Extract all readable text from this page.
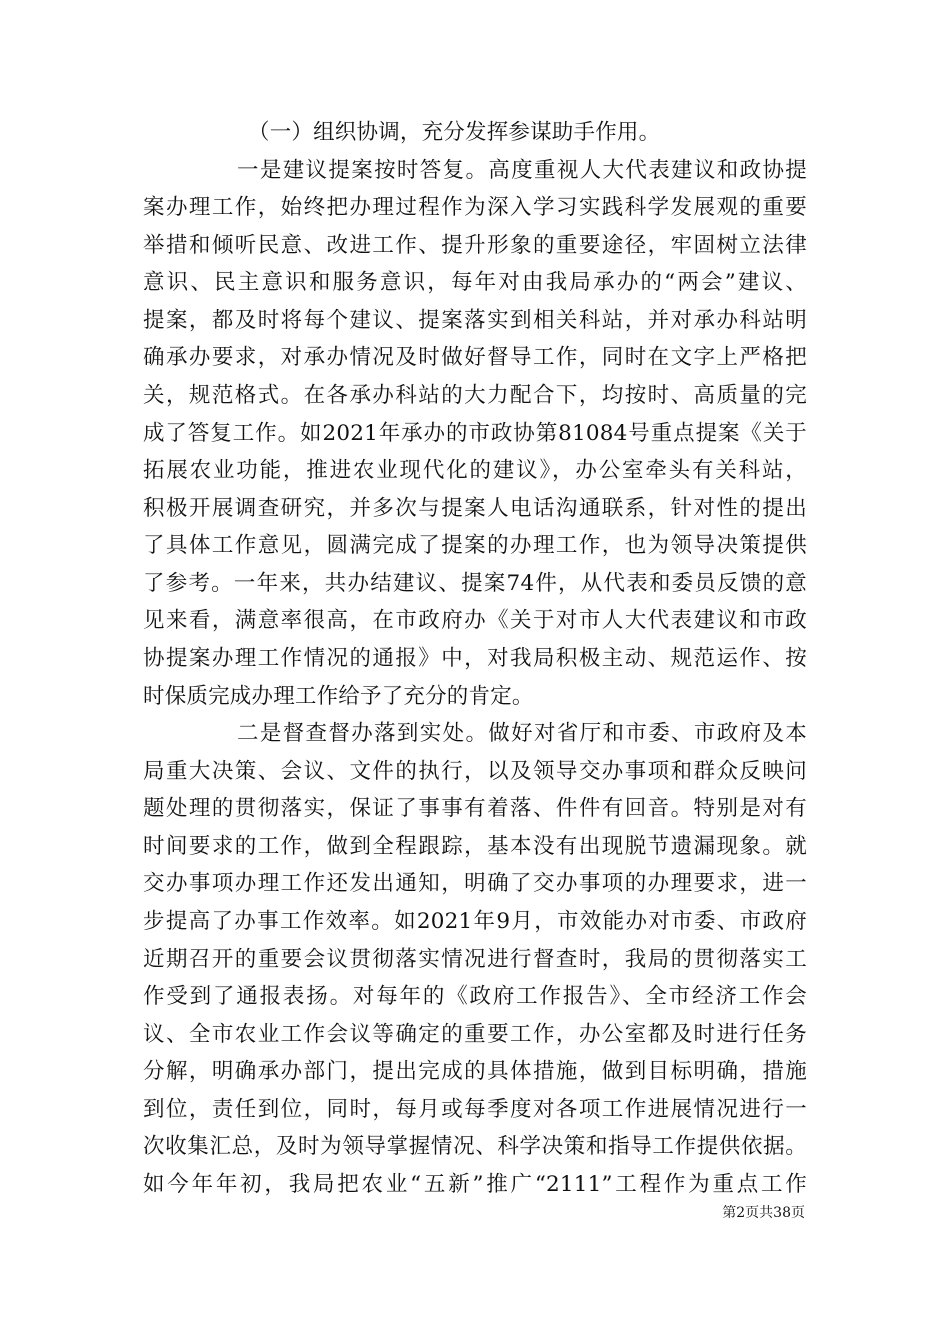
（一）组织协调，充分发挥参谋助手作用。
一是建议提案按时答复。高度重视人大代表建议和政协提
案办理工作，始终把办理过程作为深入学习实践科学发展观的重要
举措和倾听民意、改进工作、提升形象的重要途径，牢固树立法律
意识、民主意识和服务意识，每年对由我局承办的“两会”建议、
提案，都及时将每个建议、提案落实到相关科站，并对承办科站明
确承办要求，对承办情况及时做好督导工作，同时在文字上严格把
关，规范格式。在各承办科站的大力配合下，均按时、高质量的完
成了答复工作。如2021年承办的市政协第81084号重点提案《关于
拓展农业功能，推进农业现代化的建议》，办公室牵头有关科站，
积极开展调查研究，并多次与提案人电话沟通联系，针对性的提出
了具体工作意见，圆满完成了提案的办理工作，也为领导决策提供
了参考。一年来，共办结建议、提案74件，从代表和委员反馈的意
见来看，满意率很高，在市政府办《关于对市人大代表建议和市政
协提案办理工作情况的通报》中，对我局积极主动、规范运作、按
时保质完成办理工作给予了充分的肯定。
二是督查督办落到实处。做好对省厅和市委、市政府及本
局重大决策、会议、文件的执行，以及领导交办事项和群众反映问
题处理的贯彻落实，保证了事事有着落、件件有回音。特别是对有
时间要求的工作，做到全程跟踪，基本没有出现脱节遗漏现象。就
交办事项办理工作还发出通知，明确了交办事项的办理要求，进一
步提高了办事工作效率。如2021年9月，市效能办对市委、市政府
近期召开的重要会议贯彻落实情况进行督查时，我局的贯彻落实工
作受到了通报表扬。对每年的《政府工作报告》、全市经济工作会
议、全市农业工作会议等确定的重要工作，办公室都及时进行任务
分解，明确承办部门，提出完成的具体措施，做到目标明确，措施
到位，责任到位，同时，每月或每季度对各项工作进展情况进行一
次收集汇总，及时为领导掌握情况、科学决策和指导工作提供依据。
如今年年初，我局把农业“五新”推广“2111”工程作为重点工作
第2页共38页
